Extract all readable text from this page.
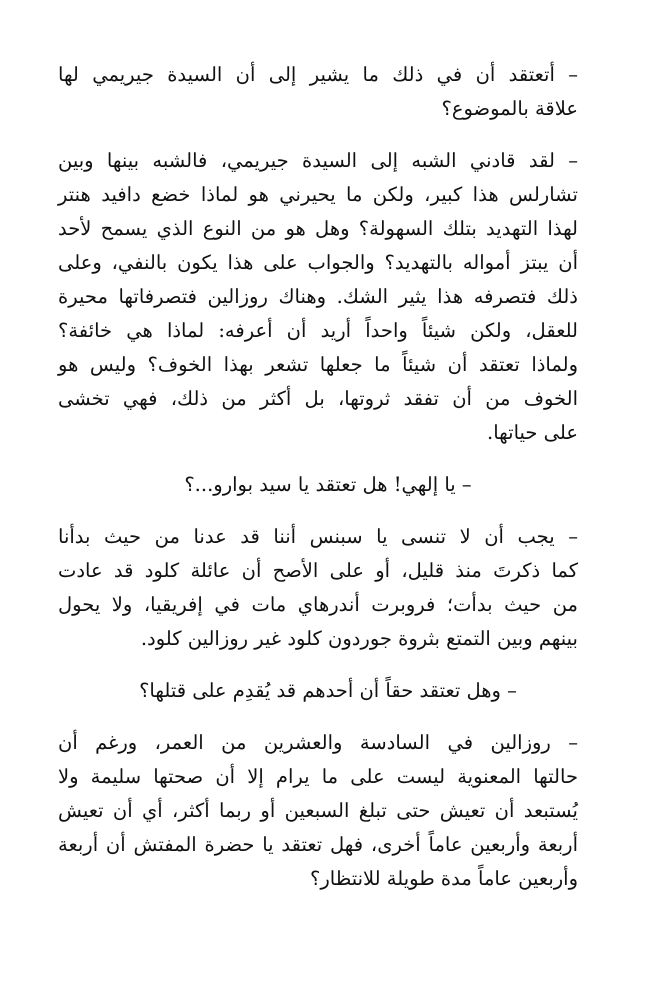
– أتعتقد أن في ذلك ما يشير إلى أن السيدة جيريمي لها
علاقة بالموضوع؟

– لقد قادني الشبه إلى السيدة جيريمي، فالشبه بينها وبين
تشارلس هذا كبير، ولكن ما يحيرني هو لماذا خضع دافيد هنتر
لهذا التهديد بتلك السهولة؟ وهل هو من النوع الذي يسمح لأحد
أن يبتز أمواله بالتهديد؟ والجواب على هذا يكون بالنفي، وعلى
ذلك فتصرفه هذا يثير الشك. وهناك روزالين فتصرفاتها محيرة
للعقل، ولكن شيئاً واحداً أريد أن أعرفه: لماذا هي خائفة؟
ولماذا تعتقد أن شيئاً ما جعلها تشعر بهذا الخوف؟ وليس هو
الخوف من أن تفقد ثروتها، بل أكثر من ذلك، فهي تخشى
على حياتها.

– يا إلهي! هل تعتقد يا سيد بوارو...؟

– يجب أن لا تنسى يا سبنس أننا قد عدنا من حيث بدأنا
كما ذكرتَ منذ قليل، أو على الأصح أن عائلة كلود قد عادت
من حيث بدأت؛ فروبرت أندرهاي مات في إفريقيا، ولا يحول
بينهم وبين التمتع بثروة جوردون كلود غير روزالين كلود.

– وهل تعتقد حقاً أن أحدهم قد يُقدِم على قتلها؟

– روزالين في السادسة والعشرين من العمر، ورغم أن
حالتها المعنوية ليست على ما يرام إلا أن صحتها سليمة ولا
يُستبعد أن تعيش حتى تبلغ السبعين أو ربما أكثر، أي أن تعيش
أربعة وأربعين عاماً أخرى، فهل تعتقد يا حضرة المفتش أن أربعة
وأربعين عاماً مدة طويلة للانتظار؟
